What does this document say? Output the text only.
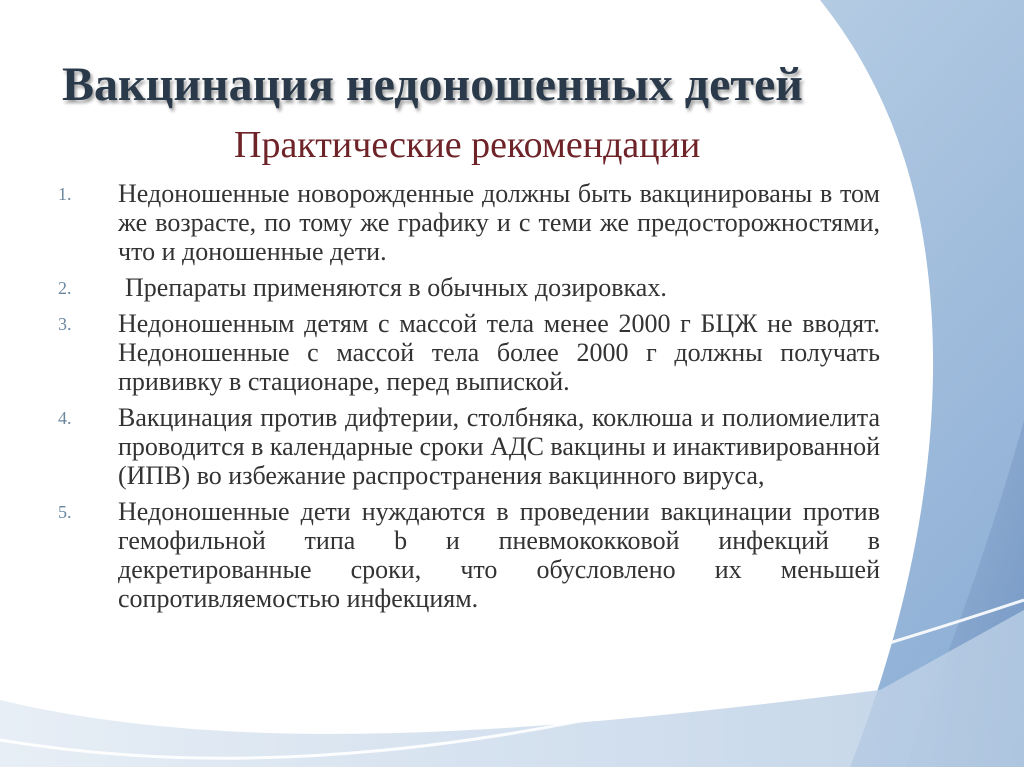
Вакцинация недоношенных детей
Практические рекомендации
1. Недоношенные новорожденные должны быть вакцинированы в том же возрасте, по тому же графику и с теми же предосторожностями, что и доношенные дети.
2. Препараты применяются в обычных дозировках.
3. Недоношенным детям с массой тела менее 2000 г БЦЖ не вводят. Недоношенные с массой тела более 2000 г должны получать прививку в стационаре, перед выпиской.
4. Вакцинация против дифтерии, столбняка, коклюша и полиомиелита проводится в календарные сроки АДС вакцины и инактивированной (ИПВ) во избежание распространения вакцинного вируса,
5. Недоношенные дети нуждаются в проведении вакцинации против гемофильной типа b и пневмококковой инфекций в декретированные сроки, что обусловлено их меньшей сопротивляемостью инфекциям.
